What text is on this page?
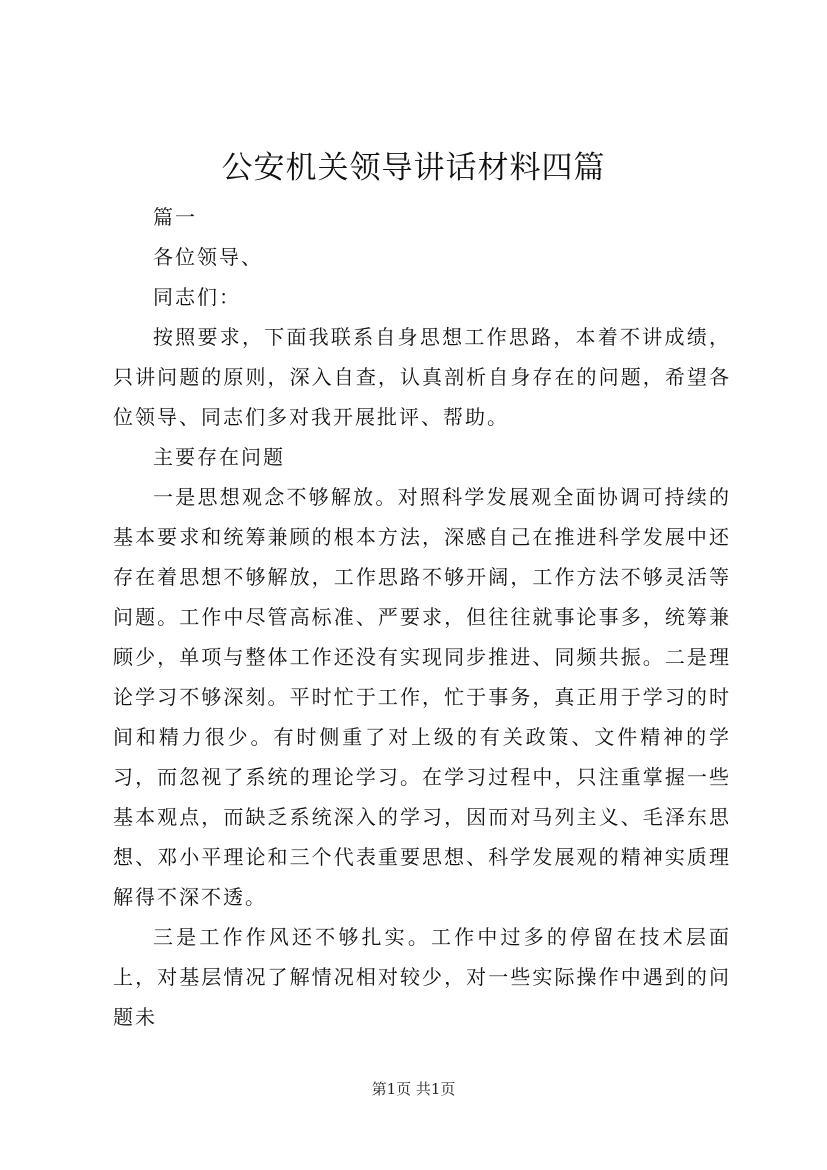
公安机关领导讲话材料四篇

篇一

各位领导、

同志们：

按照要求，下面我联系自身思想工作思路，本着不讲成绩，只讲问题的原则，深入自查，认真剖析自身存在的问题，希望各位领导、同志们多对我开展批评、帮助。

主要存在问题

一是思想观念不够解放。对照科学发展观全面协调可持续的基本要求和统筹兼顾的根本方法，深感自己在推进科学发展中还存在着思想不够解放，工作思路不够开阔，工作方法不够灵活等问题。工作中尽管高标准、严要求，但往往就事论事多，统筹兼顾少，单项与整体工作还没有实现同步推进、同频共振。二是理论学习不够深刻。平时忙于工作，忙于事务，真正用于学习的时间和精力很少。有时侧重了对上级的有关政策、文件精神的学习，而忽视了系统的理论学习。在学习过程中，只注重掌握一些基本观点，而缺乏系统深入的学习，因而对马列主义、毛泽东思想、邓小平理论和三个代表重要思想、科学发展观的精神实质理解得不深不透。

三是工作作风还不够扎实。工作中过多的停留在技术层面上，对基层情况了解情况相对较少，对一些实际操作中遇到的问题未

第1页 共1页
